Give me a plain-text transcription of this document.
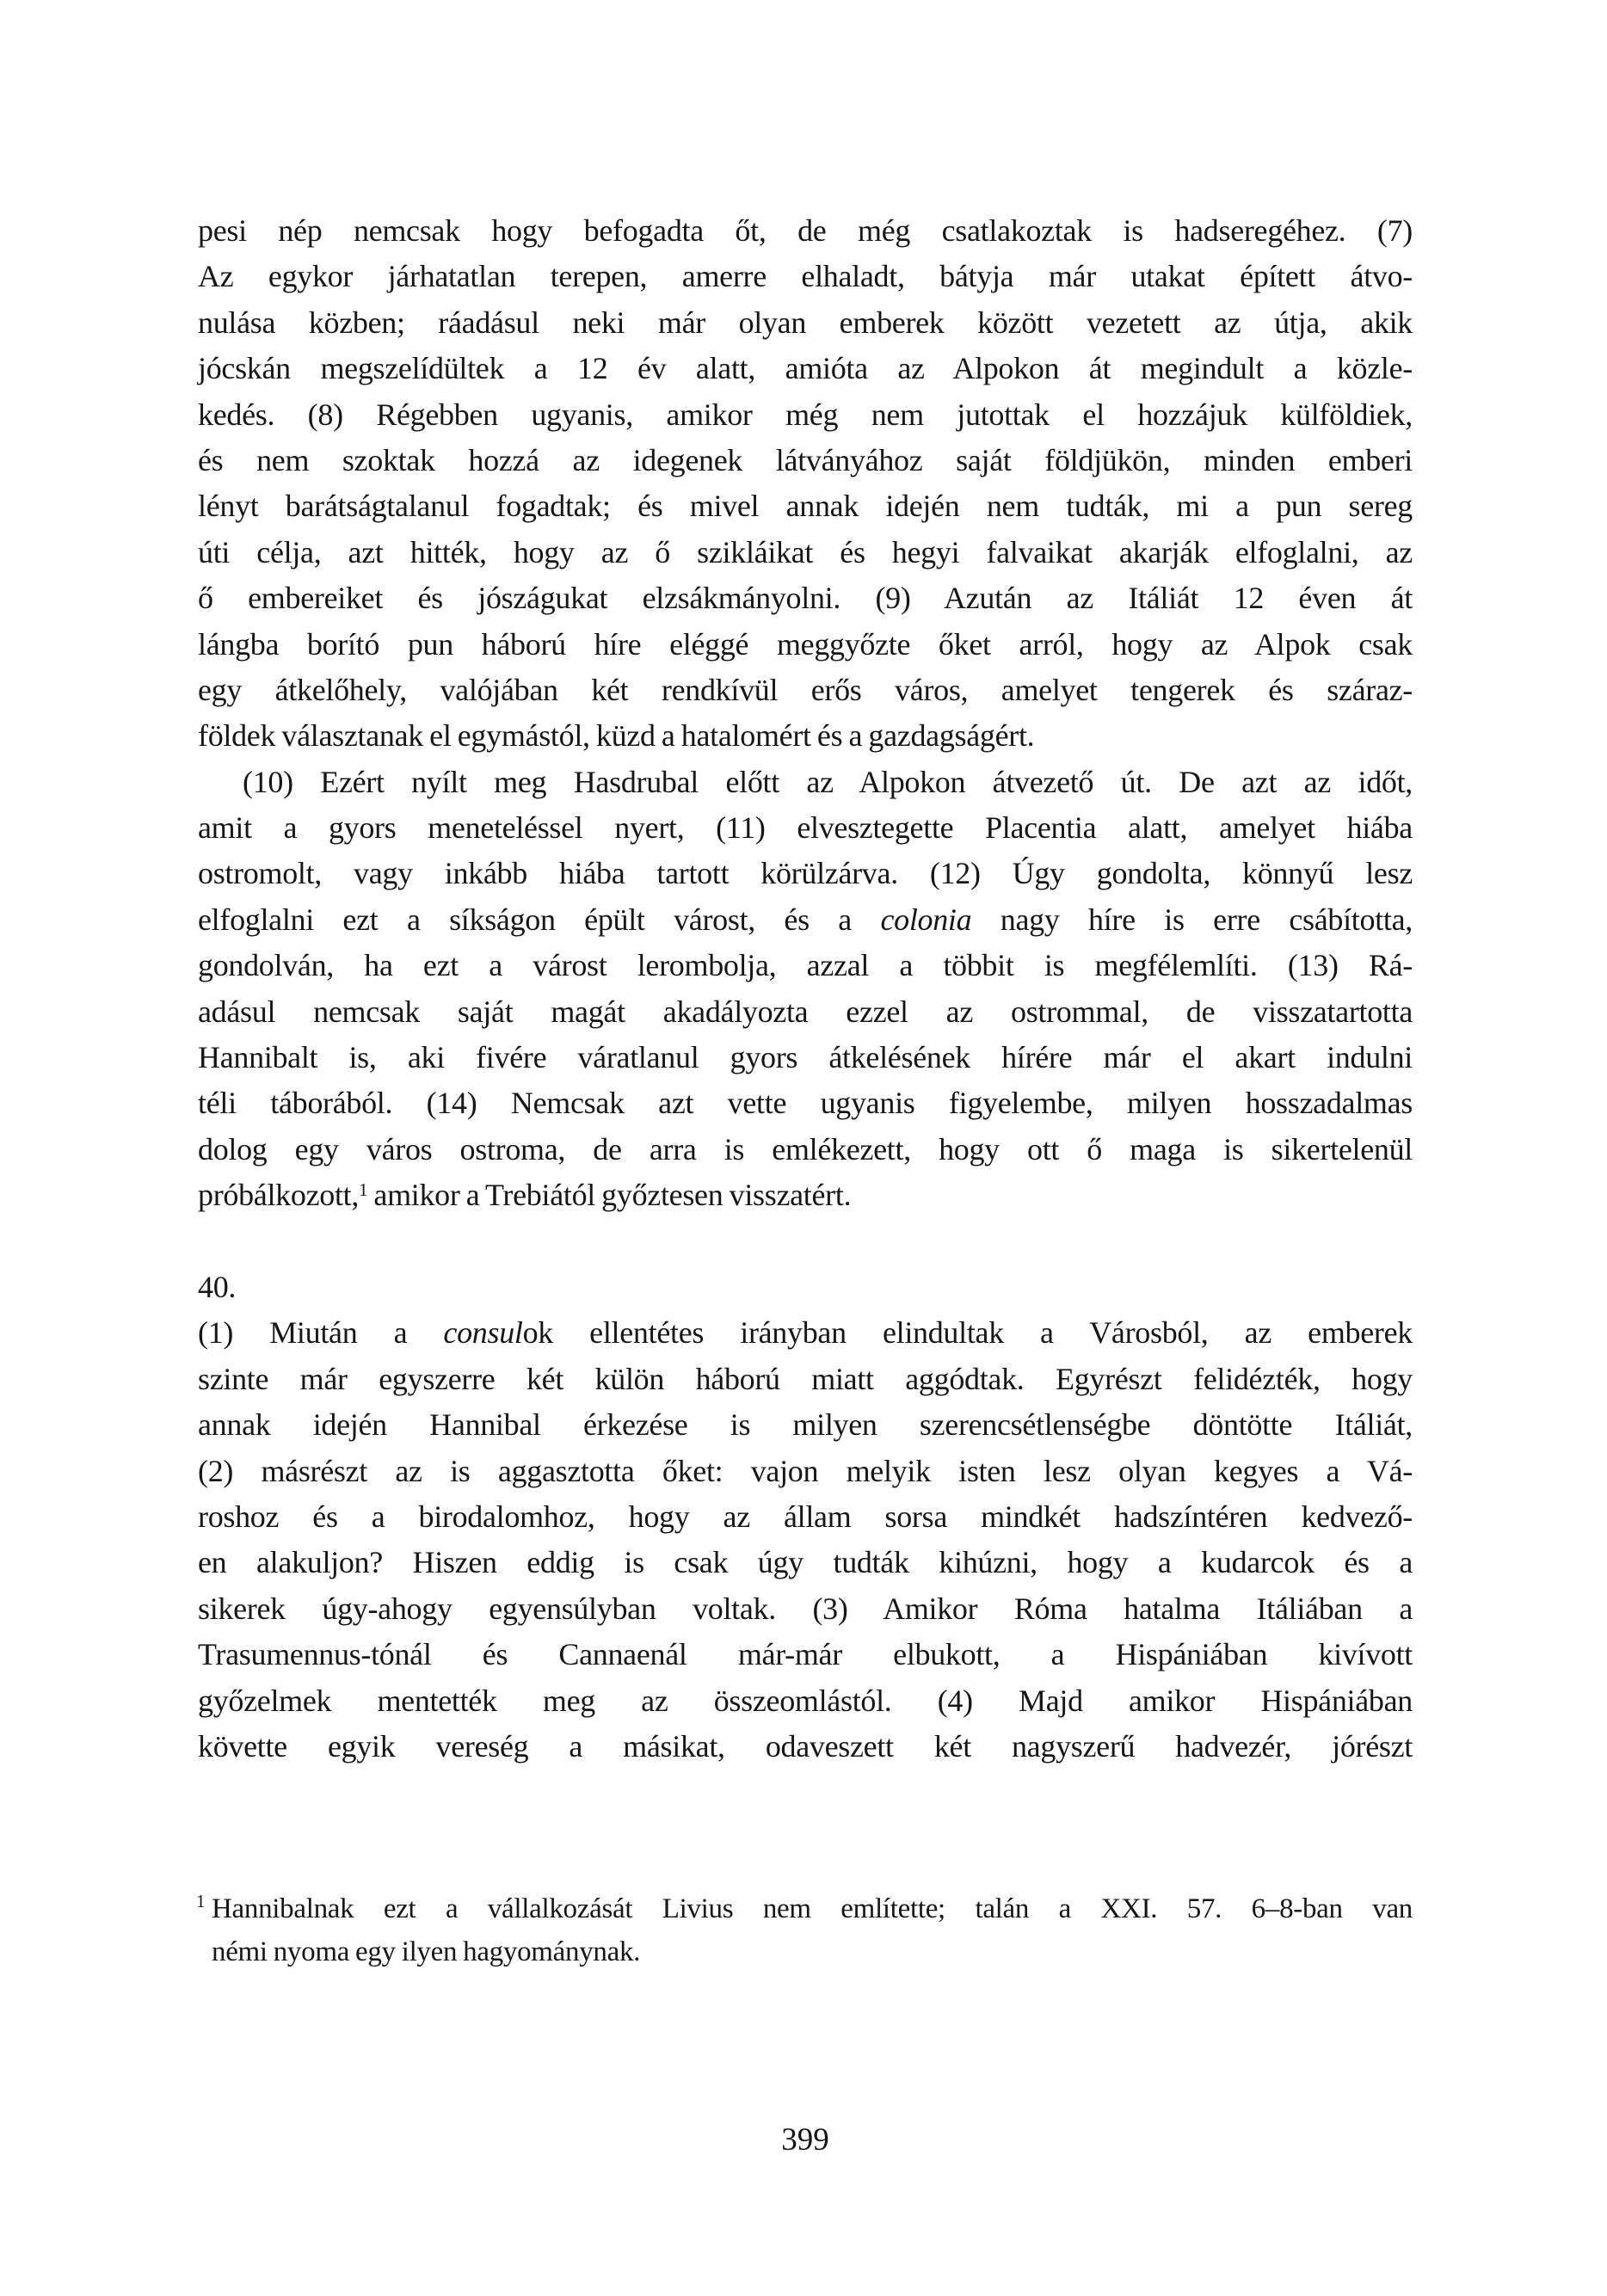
pesi nép nemcsak hogy befogadta őt, de még csatlakoztak is hadseregéhez. (7)
Az egykor járhatatlan terepen, amerre elhaladt, bátyja már utakat épített átvo-
nulása közben; ráadásul neki már olyan emberek között vezetett az útja, akik
jócskán megszelídültek a 12 év alatt, amióta az Alpokon át megindult a közle-
kedés. (8) Régebben ugyanis, amikor még nem jutottak el hozzájuk külföldiek,
és nem szoktak hozzá az idegenek látványához saját földjükön, minden emberi
lényt barátságtalanul fogadtak; és mivel annak idején nem tudták, mi a pun sereg
úti célja, azt hitték, hogy az ő szikláikat és hegyi falvaikat akarják elfoglalni, az
ő embereiket és jószágukat elzsákmányolni. (9) Azután az Itáliát 12 éven át
lángba borító pun háború híre eléggé meggyőzte őket arról, hogy az Alpok csak
egy átkelőhely, valójában két rendkívül erős város, amelyet tengerek és száraz-
földek választanak el egymástól, küzd a hatalomért és a gazdagságért.
(10) Ezért nyílt meg Hasdrubal előtt az Alpokon átvezető út. De azt az időt,
amit a gyors meneteléssel nyert, (11) elvesztegette Placentia alatt, amelyet hiába
ostromolt, vagy inkább hiába tartott körülzárva. (12) Úgy gondolta, könnyű lesz
elfoglalni ezt a síkságon épült várost, és a colonia nagy híre is erre csábította,
gondolván, ha ezt a várost lerombolja, azzal a többit is megfélemlíti. (13) Rá-
adásul nemcsak saját magát akadályozta ezzel az ostrommal, de visszatartotta
Hannibalt is, aki fivére váratlanul gyors átkelésének hírére már el akart indulni
téli táborából. (14) Nemcsak azt vette ugyanis figyelembe, milyen hosszadalmas
dolog egy város ostroma, de arra is emlékezett, hogy ott ő maga is sikertelenül
próbálkozott,$^1$ amikor a Trebiától győztesen visszatért.
40.
(1) Miután a consulok ellentétes irányban elindultak a Városból, az emberek
szinte már egyszerre két külön háború miatt aggódtak. Egyrészt felidézték, hogy
annak idején Hannibal érkezése is milyen szerencsétlenségbe döntötte Itáliát,
(2) másrészt az is aggasztotta őket: vajon melyik isten lesz olyan kegyes a Vá-
roshoz és a birodalomhoz, hogy az állam sorsa mindkét hadszíntéren kedvező-
en alakuljon? Hiszen eddig is csak úgy tudták kihúzni, hogy a kudarcok és a
sikerek úgy-ahogy egyensúlyban voltak. (3) Amikor Róma hatalma Itáliában a
Trasumennus-tónál és Cannaenál már-már elbukott, a Hispániában kivívott
győzelmek mentették meg az összeomlástól. (4) Majd amikor Hispániában
követte egyik vereség a másikat, odaveszett két nagyszerű hadvezér, jórészt
1 Hannibalnak ezt a vállalkozását Livius nem említette; talán a XXI. 57. 6–8-ban van
némi nyoma egy ilyen hagyománynak.
399
